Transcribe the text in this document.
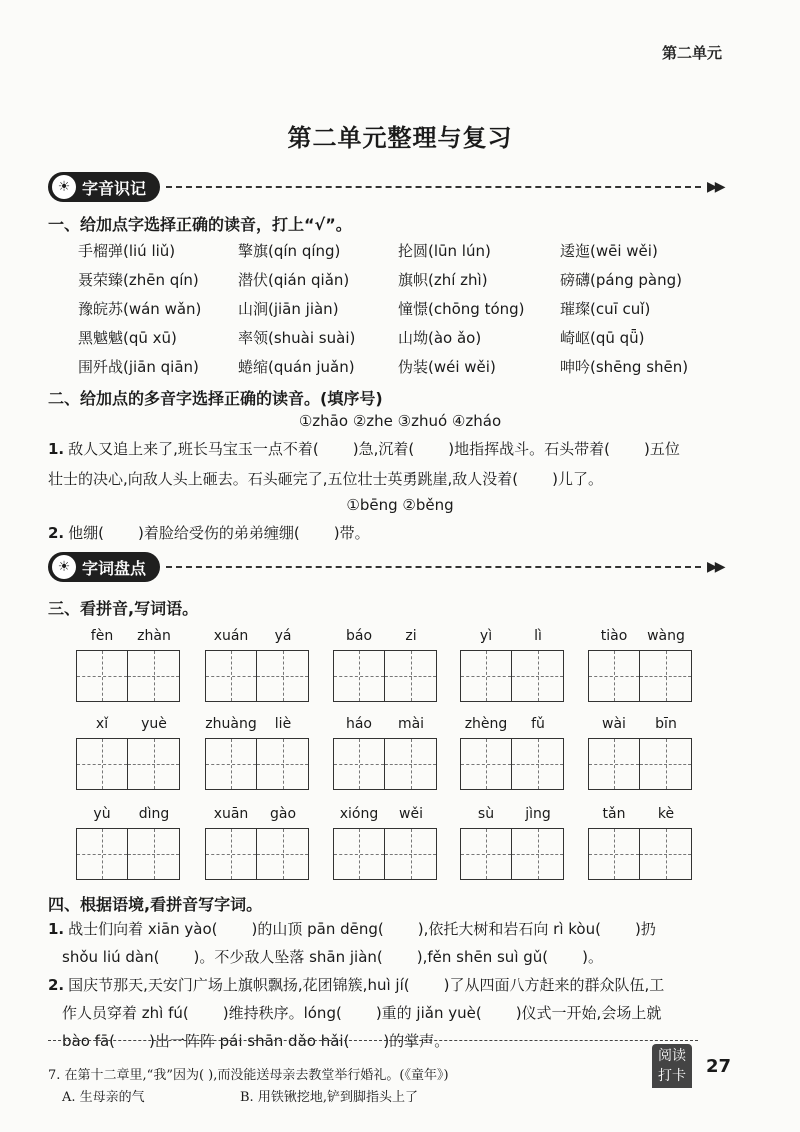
第二单元
第二单元整理与复习
☀ 字音识记	▶▶
一、给加点字选择正确的读音，打上“√”。
手榴弹(liú liǔ)	擎旗(qín qíng)	抡圆(lūn lún)	逶迤(wēi wěi)
聂荣臻(zhēn qín)	潜伏(qián qiǎn)	旗帜(zhí zhì)	磅礴(páng pàng)
豫皖苏(wán wǎn) 山涧(jiān jiàn)	憧憬(chōng tóng) 璀璨(cuī cuǐ)
黑魆魆(qū xū)	率领(shuài suài)	山坳(ào ǎo)	崎岖(qū qǖ)
围歼战(jiān qiān)	蜷缩(quán juǎn)	伪装(wéi wěi)	呻吟(shēng shēn)
二、给加点的多音字选择正确的读音。(填序号)
①zhāo ②zhe ③zhuó ④zháo
1. 敌人又追上来了,班长马宝玉一点不着( )急,沉着( )地指挥战斗。石头带着( )五位
壮士的决心,向敌人头上砸去。石头砸完了,五位壮士英勇跳崖,敌人没着( )儿了。
①bēng ②běng
2. 他绷( )着脸给受伤的弟弟缠绷( )带。
☀ 字词盘点	▶▶
三、看拼音,写词语。
fèn	zhàn	xuán	yá	báo	zi	yì	lì	tiào	wàng
xǐ	yuè	zhuàng	liè	háo	mài	zhèng	fǔ	wài	bīn
yù	dìng	xuān	gào	xióng	wěi	sù	jìng	tǎn	kè
四、根据语境,看拼音写字词。
1. 战士们向着 xiān yào( )的山顶 pān dēng( ),依托大树和岩石向 rì kòu( )扔
shǒu liú dàn( )。不少敌人坠落 shān jiàn( ),fěn shēn suì gǔ( )。
2. 国庆节那天,天安门广场上旗帜飘扬,花团锦簇,huì jí( )了从四面八方赶来的群众队伍,工
作人员穿着 zhì fú( )维持秩序。lóng( )重的 jiǎn yuè( )仪式一开始,会场上就
bào fā( )出一阵阵 pái shān dǎo hǎi( )的掌声。
7. 在第十二章里,“我”因为( ),而没能送母亲去教堂举行婚礼。(《童年》)
A. 生母亲的气	B. 用铁锹挖地,铲到脚指头上了
阅读
打卡	27
